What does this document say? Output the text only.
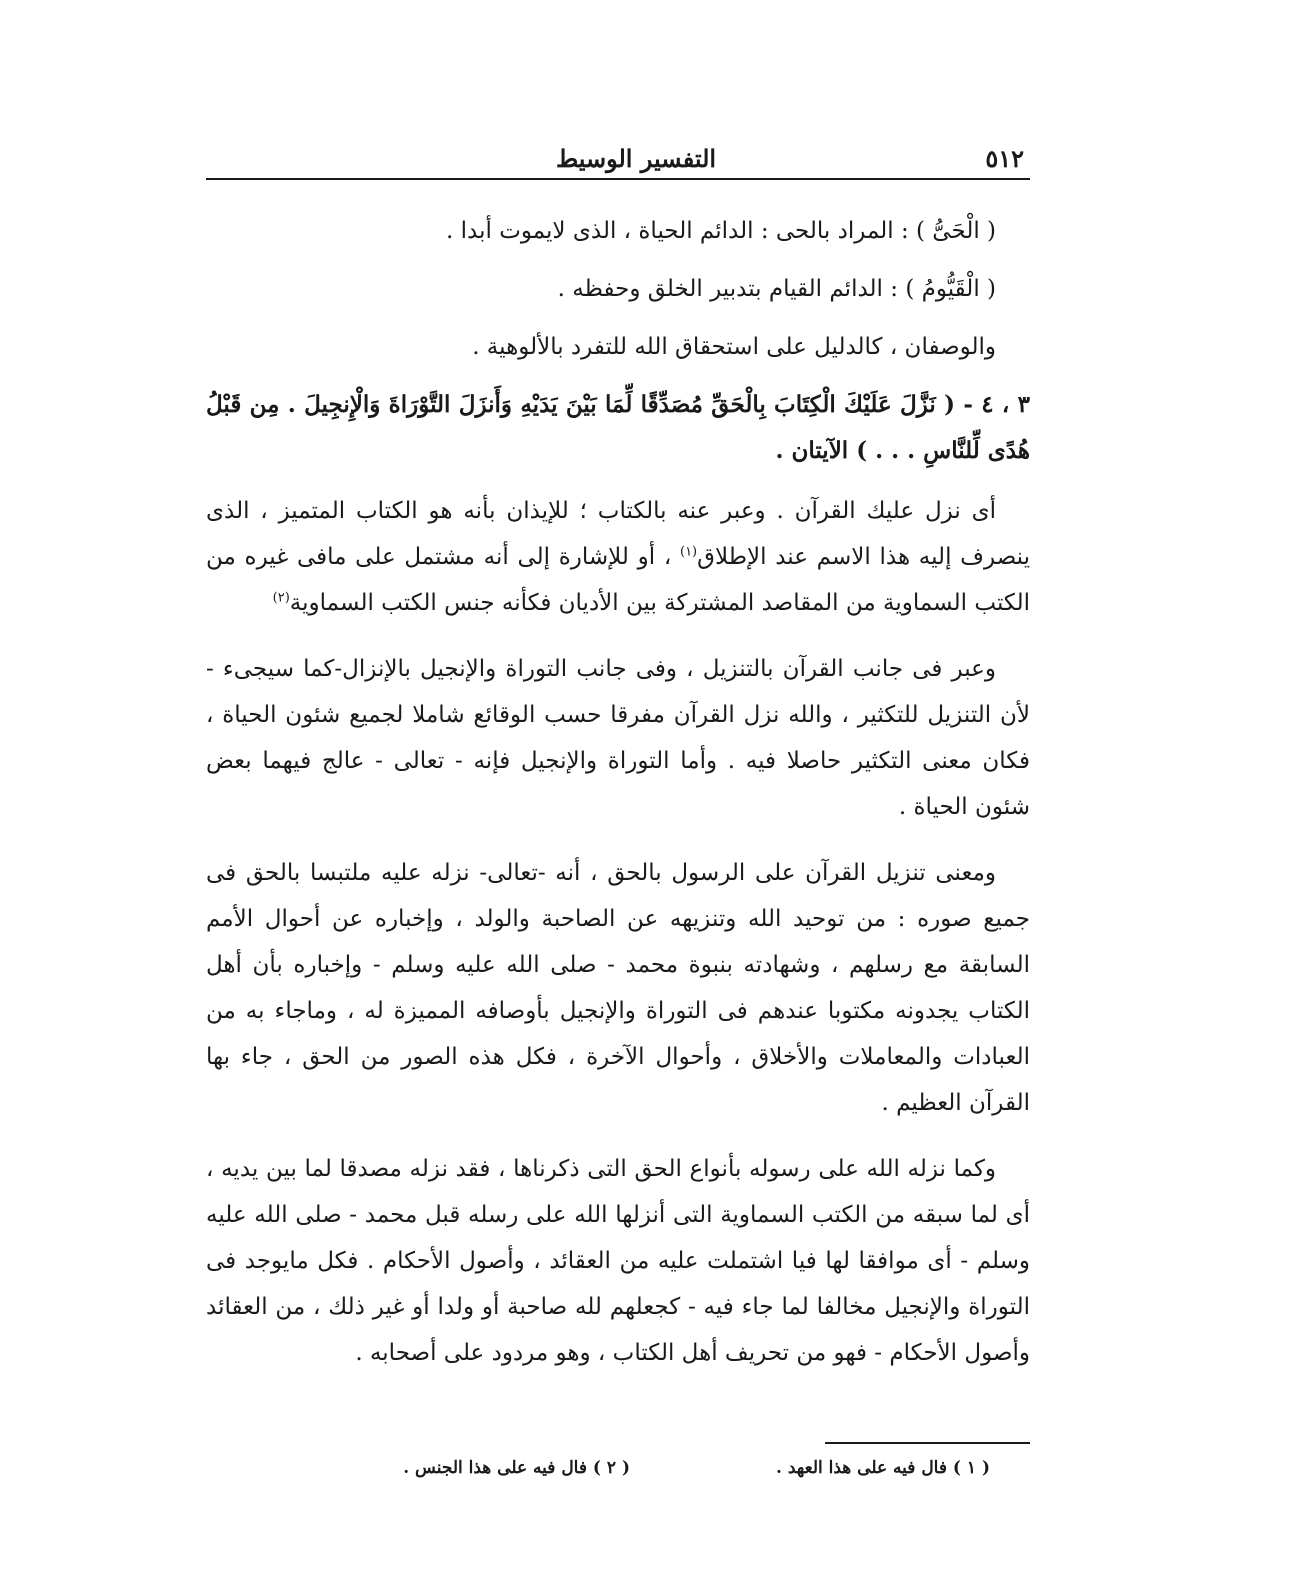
٥١٢
التفسير الوسيط

( الْحَىُّ ) : المراد بالحى : الدائم الحياة ، الذى لايموت أبدا .

( الْقَيُّومُ ) : الدائم القيام بتدبير الخلق وحفظه .

والوصفان ، كالدليل على استحقاق الله للتفرد بالألوهية .

٣ ، ٤ - ( نَزَّلَ عَلَيْكَ الْكِتَابَ بِالْحَقِّ مُصَدِّقًا لِّمَا بَيْنَ يَدَيْهِ وَأَنزَلَ التَّوْرَاةَ وَالْإِنجِيلَ . مِن قَبْلُ هُدًى لِّلنَّاسِ . . . ) الآيتان .

أى نزل عليك القرآن . وعبر عنه بالكتاب ؛ للإيذان بأنه هو الكتاب المتميز ، الذى ينصرف إليه هذا الاسم عند الإطلاق$^{(١)}$ ، أو للإشارة إلى أنه مشتمل على مافى غيره من الكتب السماوية من المقاصد المشتركة بين الأديان فكأنه جنس الكتب السماوية$^{(٢)}$

وعبر فى جانب القرآن بالتنزيل ، وفى جانب التوراة والإنجيل بالإنزال-كما سيجىء - لأن التنزيل للتكثير ، والله نزل القرآن مفرقا حسب الوقائع شاملا لجميع شئون الحياة ، فكان معنى التكثير حاصلا فيه . وأما التوراة والإنجيل فإنه - تعالى - عالج فيهما بعض شئون الحياة .

ومعنى تنزيل القرآن على الرسول بالحق ، أنه -تعالى- نزله عليه ملتبسا بالحق فى جميع صوره : من توحيد الله وتنزيهه عن الصاحبة والولد ، وإخباره عن أحوال الأمم السابقة مع رسلهم ، وشهادته بنبوة محمد - صلى الله عليه وسلم - وإخباره بأن أهل الكتاب يجدونه مكتوبا عندهم فى التوراة والإنجيل بأوصافه المميزة له ، وماجاء به من العبادات والمعاملات والأخلاق ، وأحوال الآخرة ، فكل هذه الصور من الحق ، جاء بها القرآن العظيم .

وكما نزله الله على رسوله بأنواع الحق التى ذكرناها ، فقد نزله مصدقا لما بين يديه ، أى لما سبقه من الكتب السماوية التى أنزلها الله على رسله قبل محمد - صلى الله عليه وسلم - أى موافقا لها فيا اشتملت عليه من العقائد ، وأصول الأحكام . فكل مايوجد فى التوراة والإنجيل مخالفا لما جاء فيه - كجعلهم لله صاحبة أو ولدا أو غير ذلك ، من العقائد وأصول الأحكام - فهو من تحريف أهل الكتاب ، وهو مردود على أصحابه .

( ١ ) فال فيه على هذا العهد .
( ٢ ) فال فيه على هذا الجنس .
